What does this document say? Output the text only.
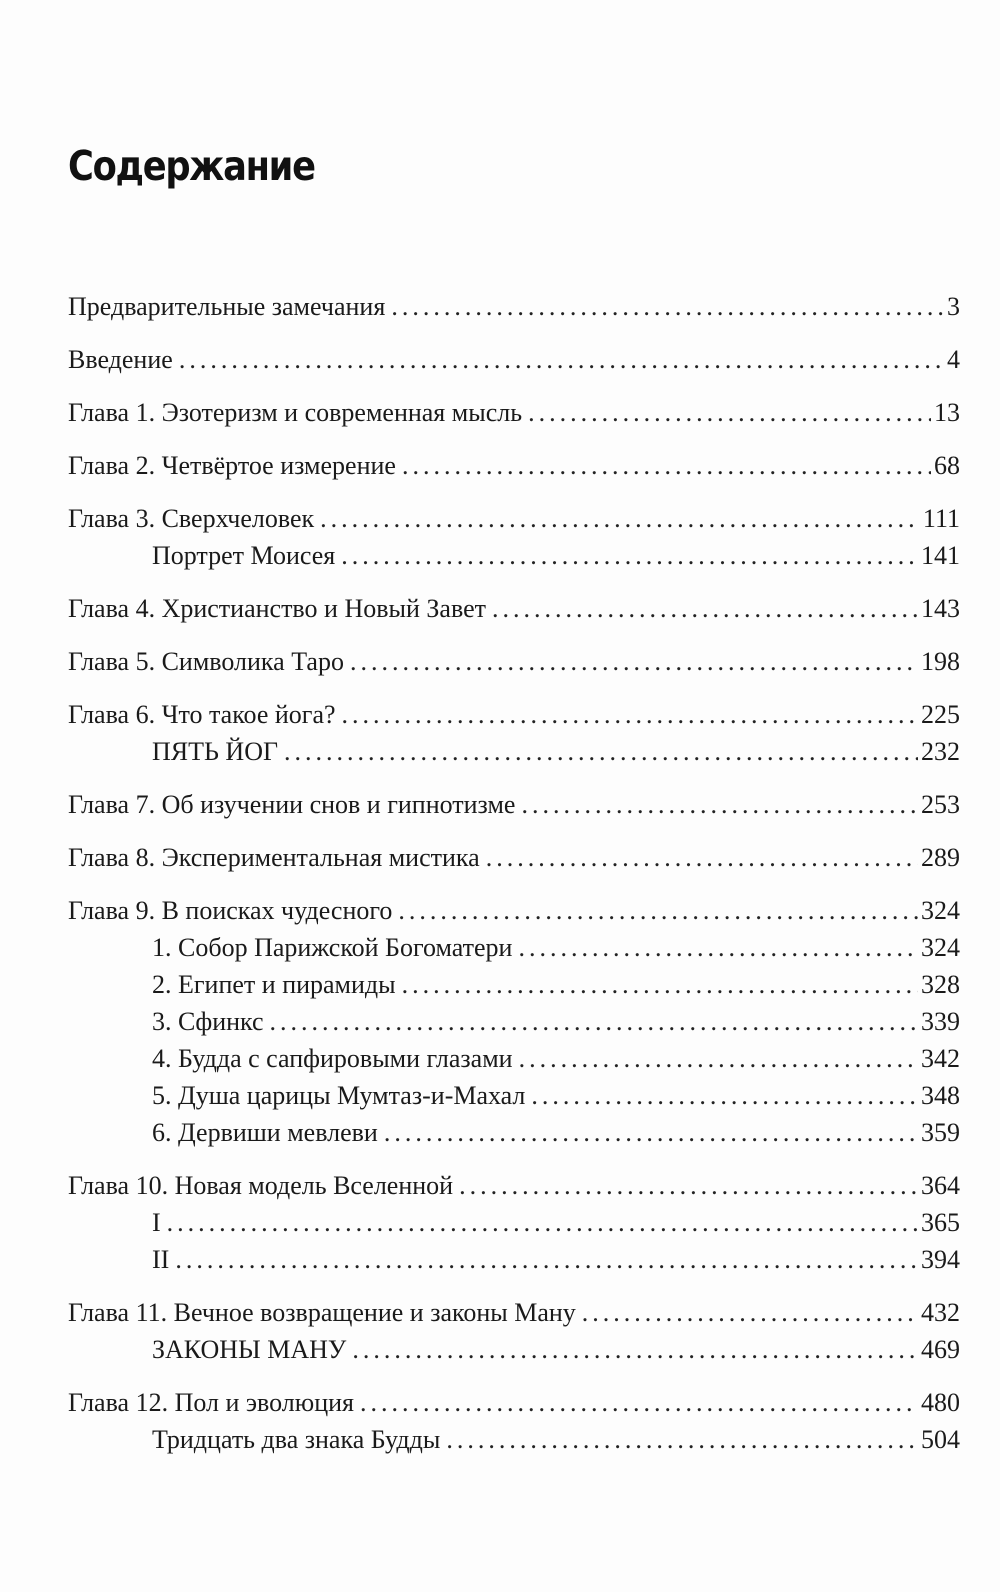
Содержание
Предварительные замечания .....	3
Введение .....	4
Глава 1. Эзотеризм и современная мысль .....	13
Глава 2. Четвёртое измерение .....	68
Глава 3. Сверхчеловек .....	111
Портрет Моисея .....	141
Глава 4. Христианство и Новый Завет .....	143
Глава 5. Символика Таро .....	198
Глава 6. Что такое йога? .....	225
ПЯТЬ ЙОГ .....	232
Глава 7. Об изучении снов и гипнотизме .....	253
Глава 8. Экспериментальная мистика .....	289
Глава 9. В поисках чудесного .....	324
1. Собор Парижской Богоматери .....	324
2. Египет и пирамиды .....	328
3. Сфинкс .....	339
4. Будда с сапфировыми глазами .....	342
5. Душа царицы Мумтаз-и-Махал .....	348
6. Дервиши мевлеви .....	359
Глава 10. Новая модель Вселенной .....	364
I .....	365
II .....	394
Глава 11. Вечное возвращение и законы Ману .....	432
ЗАКОНЫ МАНУ .....	469
Глава 12. Пол и эволюция .....	480
Тридцать два знака Будды .....	504
